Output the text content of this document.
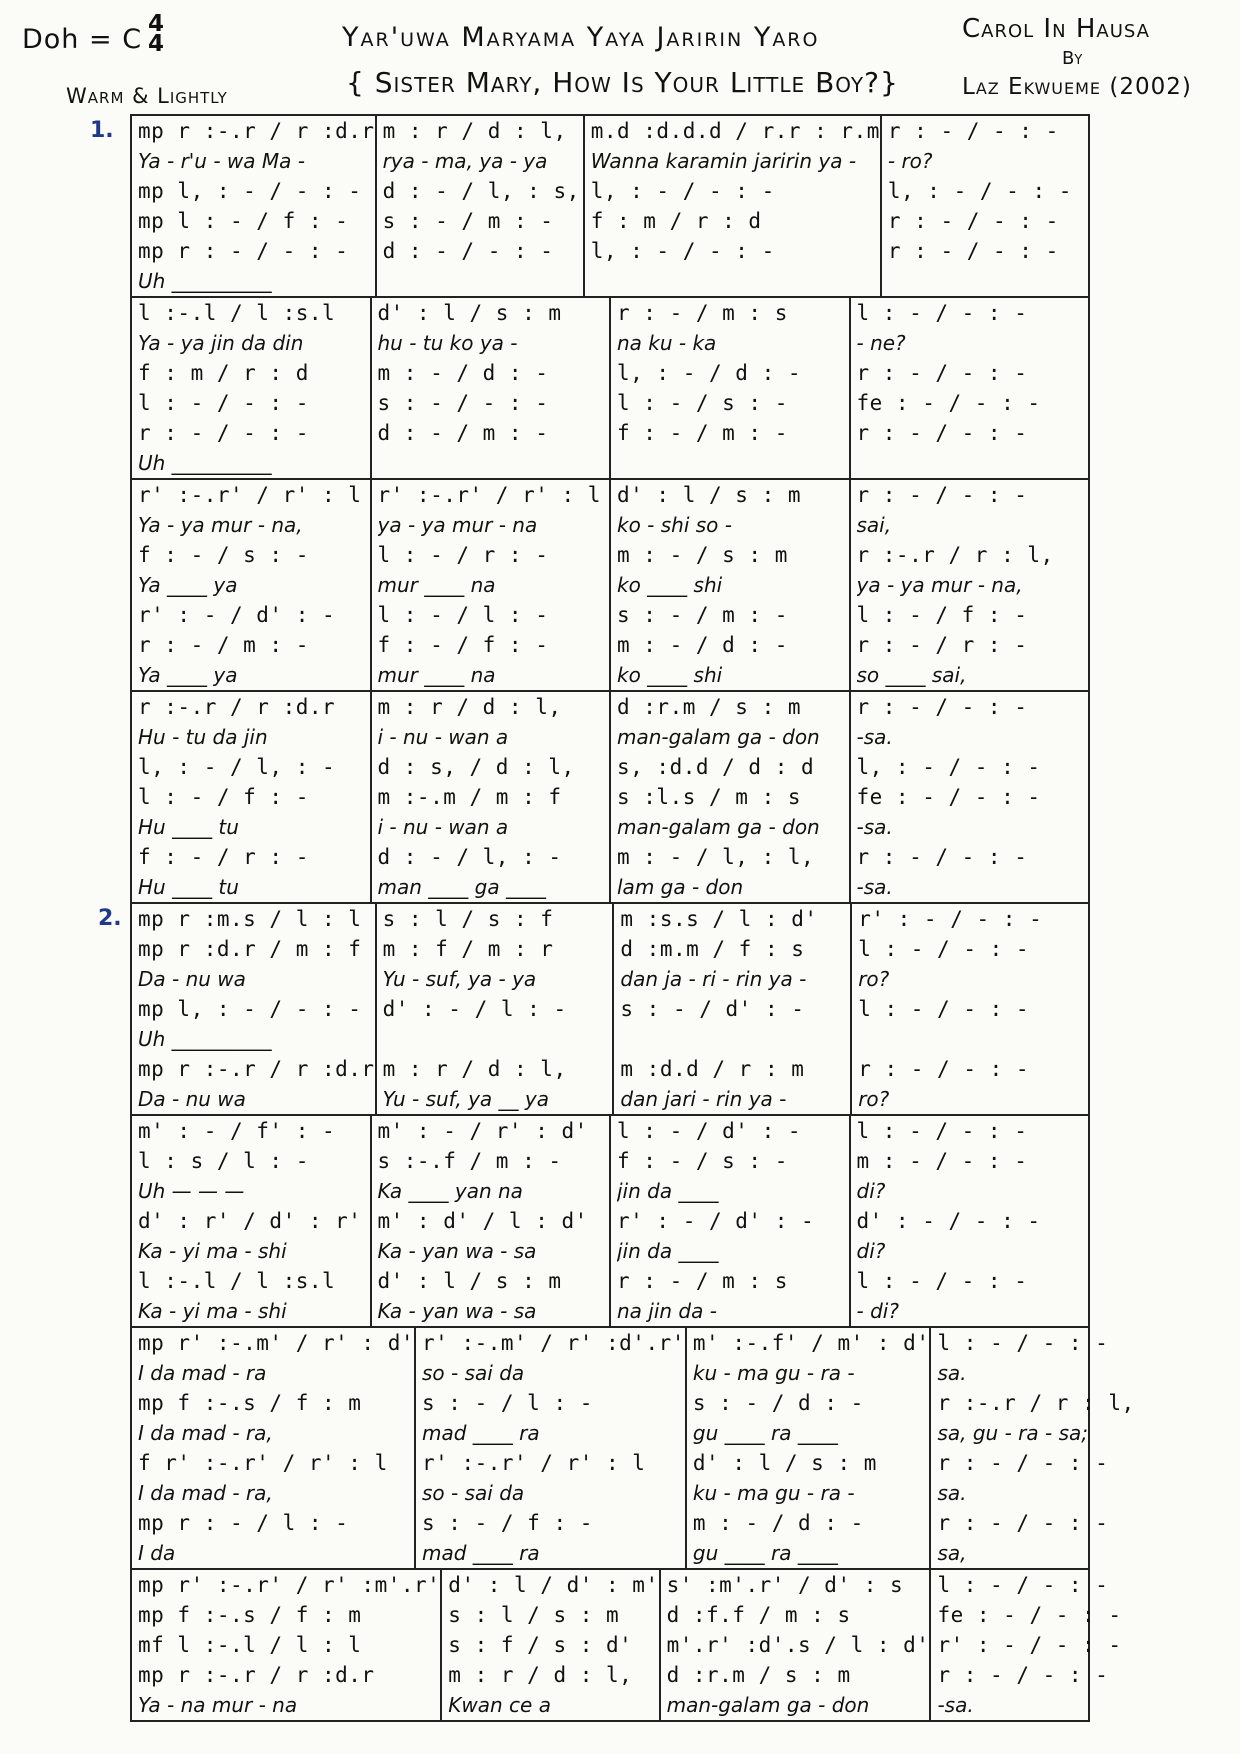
Doh = C 4
4
Warm & Lightly
Yar'uwa Maryama Yaya Jaririn Yaro
{ Sister Mary, How Is Your Little Boy?}
Carol In Hausa
By
Laz Ekwueme (2002)
mp r :-.r / r :d.r
Ya - r'u - wa Ma -
mp l, : - / - : -
mp l : - / f : -
mp r : - / - : -
Uh __________
m : r / d : l,
rya - ma, ya - ya
d : - / l, : s,
s : - / m : -
d : - / - : -
m.d :d.d.d / r.r : r.m
Wanna karamin jaririn ya -
l, : - / - : -
f : m / r : d
l, : - / - : -
r : - / - : -
- ro?
l, : - / - : -
r : - / - : -
r : - / - : -
l :-.l / l :s.l
Ya - ya jin da din
f : m / r : d
l : - / - : -
r : - / - : -
Uh __________
d' : l / s : m
hu - tu ko ya -
m : - / d : -
s : - / - : -
d : - / m : -
r : - / m : s
na ku - ka
l, : - / d : -
l : - / s : -
f : - / m : -
l : - / - : -
- ne?
r : - / - : -
fe : - / - : -
r : - / - : -
r' :-.r' / r' : l
Ya - ya mur - na,
f : - / s : -
Ya ____ ya
r' : - / d' : -
r : - / m : -
Ya ____ ya
r' :-.r' / r' : l
ya - ya mur - na
l : - / r : -
mur ____ na
l : - / l : -
f : - / f : -
mur ____ na
d' : l / s : m
ko - shi so -
m : - / s : m
ko ____ shi
s : - / m : -
m : - / d : -
ko ____ shi
r : - / - : -
sai,
r :-.r / r : l,
ya - ya mur - na,
l : - / f : -
r : - / r : -
so ____ sai,
r :-.r / r :d.r
Hu - tu da jin
l, : - / l, : -
l : - / f : -
Hu ____ tu
f : - / r : -
Hu ____ tu
m : r / d : l,
i - nu - wan a
d : s, / d : l,
m :-.m / m : f
i - nu - wan a
d : - / l, : -
man ____ ga ____
d :r.m / s : m
man-galam ga - don
s, :d.d / d : d
s :l.s / m : s
man-galam ga - don
m : - / l, : l,
lam ga - don
r : - / - : -
-sa.
l, : - / - : -
fe : - / - : -
-sa.
r : - / - : -
-sa.
mp r :m.s / l : l
mp r :d.r / m : f
Da - nu wa
mp l, : - / - : -
Uh __________
mp r :-.r / r :d.r
Da - nu wa
s : l / s : f
m : f / m : r
Yu - suf, ya - ya
d' : - / l : -
m : r / d : l,
Yu - suf, ya __ ya
m :s.s / l : d'
d :m.m / f : s
dan ja - ri - rin ya -
s : - / d' : -
m :d.d / r : m
dan jari - rin ya -
r' : - / - : -
l : - / - : -
ro?
l : - / - : -
r : - / - : -
ro?
m' : - / f' : -
l : s / l : -
Uh — — —
d' : r' / d' : r'
Ka - yi ma - shi
l :-.l / l :s.l
Ka - yi ma - shi
m' : - / r' : d'
s :-.f / m : -
Ka ____ yan na
m' : d' / l : d'
Ka - yan wa - sa
d' : l / s : m
Ka - yan wa - sa
l : - / d' : -
f : - / s : -
jin da ____
r' : - / d' : -
jin da ____
r : - / m : s
na jin da -
l : - / - : -
m : - / - : -
di?
d' : - / - : -
di?
l : - / - : -
- di?
mp r' :-.m' / r' : d'
I da mad - ra
mp f :-.s / f : m
I da mad - ra,
f r' :-.r' / r' : l
I da mad - ra,
mp r : - / l : -
I da
r' :-.m' / r' :d'.r'
so - sai da
s : - / l : -
mad ____ ra
r' :-.r' / r' : l
so - sai da
s : - / f : -
mad ____ ra
m' :-.f' / m' : d'
ku - ma gu - ra -
s : - / d : -
gu ____ ra ____
d' : l / s : m
ku - ma gu - ra -
m : - / d : -
gu ____ ra ____
l : - / - : -
sa.
r :-.r / r : l,
sa, gu - ra - sa;
r : - / - : -
sa.
r : - / - : -
sa,
mp r' :-.r' / r' :m'.r'
mp f :-.s / f : m
mf l :-.l / l : l
mp r :-.r / r :d.r
Ya - na mur - na
d' : l / d' : m'
s : l / s : m
s : f / s : d'
m : r / d : l,
Kwan ce a
s' :m'.r' / d' : s
d :f.f / m : s
m'.r' :d'.s / l : d'
d :r.m / s : m
man-galam ga - don
l : - / - : -
fe : - / - : -
r' : - / - : -
r : - / - : -
-sa.
1.
2.
